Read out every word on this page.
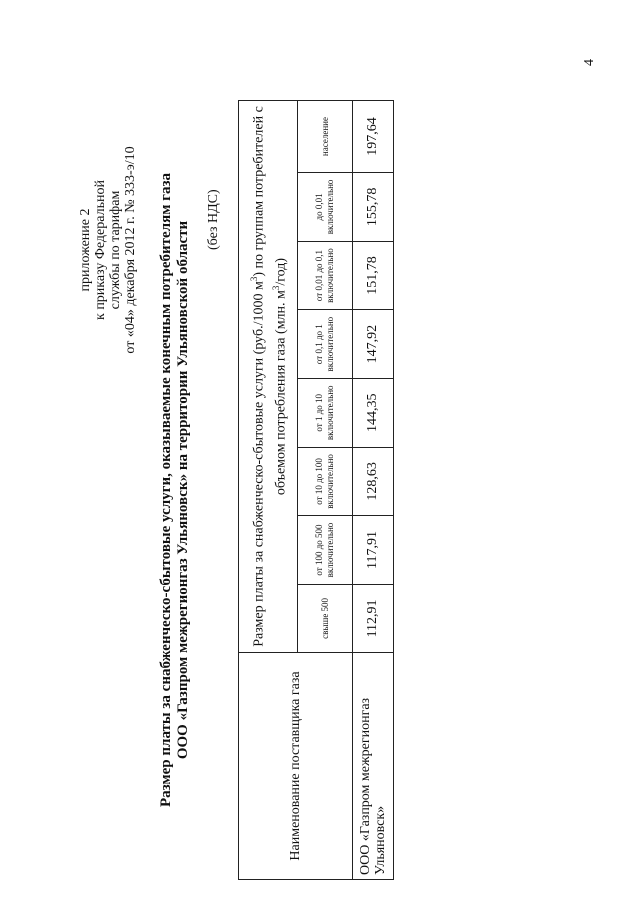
4
приложение 2 к приказу Федеральной службы по тарифам от «04» декабря 2012 г. № 333-э/10 Размер платы за снабженческо-сбытовые услуги, оказываемые конечным потребителям газа ООО «Газпром межрегионгаз Ульяновск» на территории Ульяновской области
(без НДС)
Наименование поставщика газа	Размер платы за снабженческо-сбытовые услуги (руб./1000 $м^3$) по группам потребителей с объемом потребления газа (млн. $м^3/год$)							
	свыше 500	от 100 до 500 включительно	от 10 до 100 включительно	от 1 до 10 включительно	от 0,1 до 1 включительно	от 0,01 до 0,1 включительно	до 0,01 включительно	население
ООО «Газпром межрегионгаз Ульяновск»	112,91	117,91	128,63	144,35	147,92	151,78	155,78	197,64
